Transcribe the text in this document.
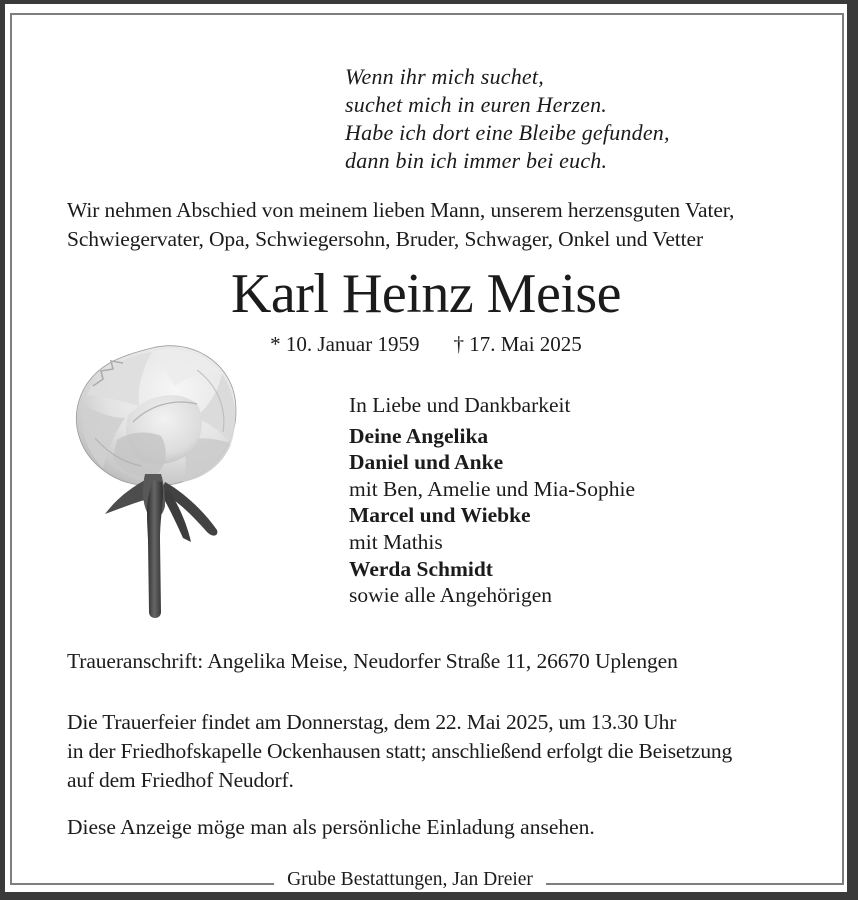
Wenn ihr mich suchet,
suchet mich in euren Herzen.
Habe ich dort eine Bleibe gefunden,
dann bin ich immer bei euch.
Wir nehmen Abschied von meinem lieben Mann, unserem herzensguten Vater,
Schwiegervater, Opa, Schwiegersohn, Bruder, Schwager, Onkel und Vetter
Karl Heinz Meise
* 10. Januar 1959 † 17. Mai 2025
In Liebe und Dankbarkeit
Deine Angelika
Daniel und Anke
mit Ben, Amelie und Mia-Sophie
Marcel und Wiebke
mit Mathis
Werda Schmidt
sowie alle Angehörigen
Traueranschrift: Angelika Meise, Neudorfer Straße 11, 26670 Uplengen
Die Trauerfeier findet am Donnerstag, dem 22. Mai 2025, um 13.30 Uhr
in der Friedhofskapelle Ockenhausen statt; anschließend erfolgt die Beisetzung
auf dem Friedhof Neudorf.
Diese Anzeige möge man als persönliche Einladung ansehen.
Grube Bestattungen, Jan Dreier
